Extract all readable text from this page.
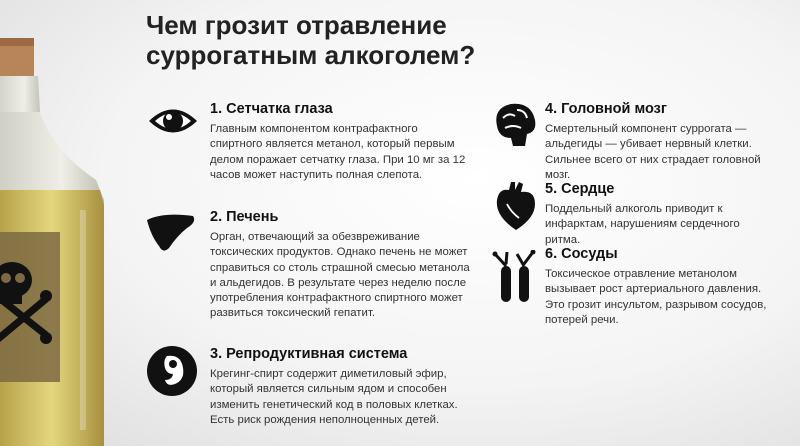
Чем грозит отравление суррогатным алкоголем?
1. Сетчатка глаза

Главным компонентом контрафактного спиртного является метанол, который первым делом поражает сетчатку глаза. При 10 мг за 12 часов может наступить полная слепота.

2. Печень

Орган, отвечающий за обезвреживание токсических продуктов. Однако печень не может справиться со столь страшной смесью метанола и альдегидов. В результате через неделю после употребления контрафактного спиртного может развиться токсический гепатит.

3. Репродуктивная система

Крегинг-спирт содержит диметиловый эфир, который является сильным ядом и способен изменить генетический код в половых клетках. Есть риск рождения неполноценных детей.

4. Головной мозг

Смертельный компонент суррогата — альдегиды — убивает нервный клетки. Сильнее всего от них страдает головной мозг.

5. Сердце

Поддельный алкоголь приводит к инфарктам, нарушениям сердечного ритма.

6. Сосуды

Токсическое отравление метанолом вызывает рост артериального давления. Это грозит инсультом, разрывом сосудов, потерей речи.
